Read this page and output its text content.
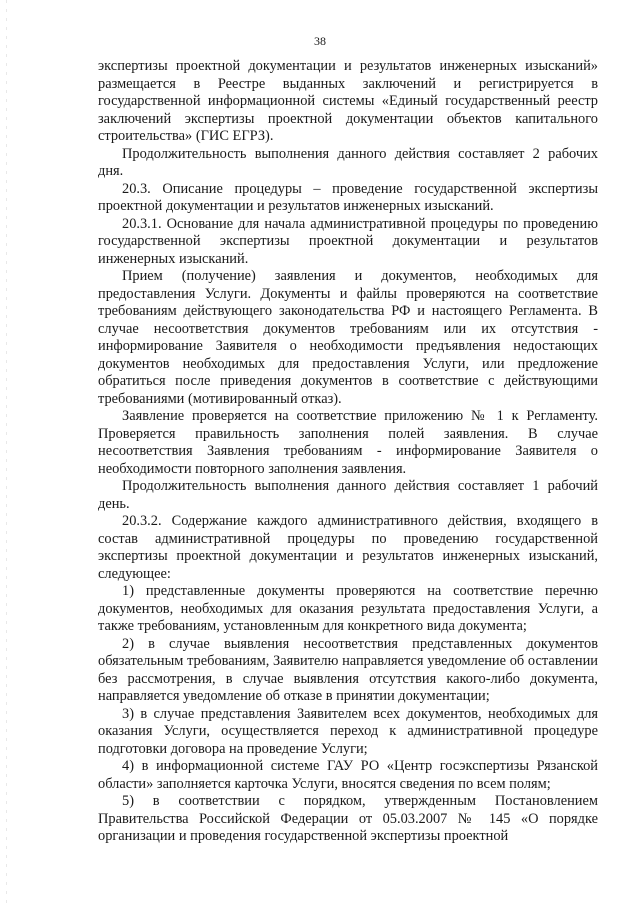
38

экспертизы проектной документации и результатов инженерных изысканий» размещается в Реестре выданных заключений и регистрируется в государственной информационной системы «Единый государственный реестр заключений экспертизы проектной документации объектов капитального строительства» (ГИС ЕГРЗ).

Продолжительность выполнения данного действия составляет 2 рабочих дня.

20.3. Описание процедуры – проведение государственной экспертизы проектной документации и результатов инженерных изысканий.

20.3.1. Основание для начала административной процедуры по проведению государственной экспертизы проектной документации и результатов инженерных изысканий.

Прием (получение) заявления и документов, необходимых для предоставления Услуги. Документы и файлы проверяются на соответствие требованиям действующего законодательства РФ и настоящего Регламента. В случае несоответствия документов требованиям или их отсутствия - информирование Заявителя о необходимости предъявления недостающих документов необходимых для предоставления Услуги, или предложение обратиться после приведения документов в соответствие с действующими требованиями (мотивированный отказ).

Заявление проверяется на соответствие приложению № 1 к Регламенту. Проверяется правильность заполнения полей заявления. В случае несоответствия Заявления требованиям - информирование Заявителя о необходимости повторного заполнения заявления.

Продолжительность выполнения данного действия составляет 1 рабочий день.

20.3.2. Содержание каждого административного действия, входящего в состав административной процедуры по проведению государственной экспертизы проектной документации и результатов инженерных изысканий, следующее:

1) представленные документы проверяются на соответствие перечню документов, необходимых для оказания результата предоставления Услуги, а также требованиям, установленным для конкретного вида документа;

2) в случае выявления несоответствия представленных документов обязательным требованиям, Заявителю направляется уведомление об оставлении без рассмотрения, в случае выявления отсутствия какого-либо документа, направляется уведомление об отказе в принятии документации;

3) в случае представления Заявителем всех документов, необходимых для оказания Услуги, осуществляется переход к административной процедуре подготовки договора на проведение Услуги;

4) в информационной системе ГАУ РО «Центр госэкспертизы Рязанской области» заполняется карточка Услуги, вносятся сведения по всем полям;

5) в соответствии с порядком, утвержденным Постановлением Правительства Российской Федерации от 05.03.2007 № 145 «О порядке организации и проведения государственной экспертизы проектной
